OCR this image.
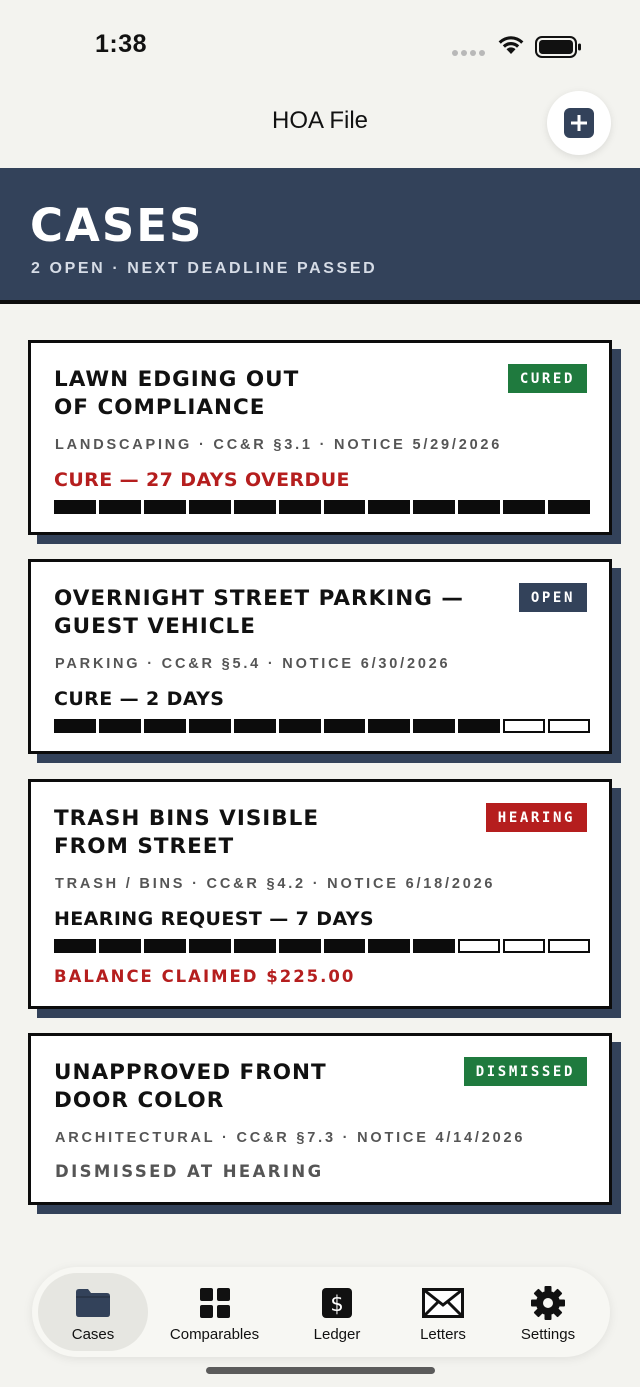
1:38
HOA File
CASES
2 OPEN · NEXT DEADLINE PASSED
LAWN EDGING OUT
OF COMPLIANCE
CURED
LANDSCAPING · CC&R §3.1 · NOTICE 5/29/2026
CURE — 27 DAYS OVERDUE
OVERNIGHT STREET PARKING —
GUEST VEHICLE
OPEN
PARKING · CC&R §5.4 · NOTICE 6/30/2026
CURE — 2 DAYS
TRASH BINS VISIBLE
FROM STREET
HEARING
TRASH / BINS · CC&R §4.2 · NOTICE 6/18/2026
HEARING REQUEST — 7 DAYS
BALANCE CLAIMED $225.00
UNAPPROVED FRONT
DOOR COLOR
DISMISSED
ARCHITECTURAL · CC&R §7.3 · NOTICE 4/14/2026
DISMISSED AT HEARING
Cases	Comparables
$
Ledger	Letters	Settings
